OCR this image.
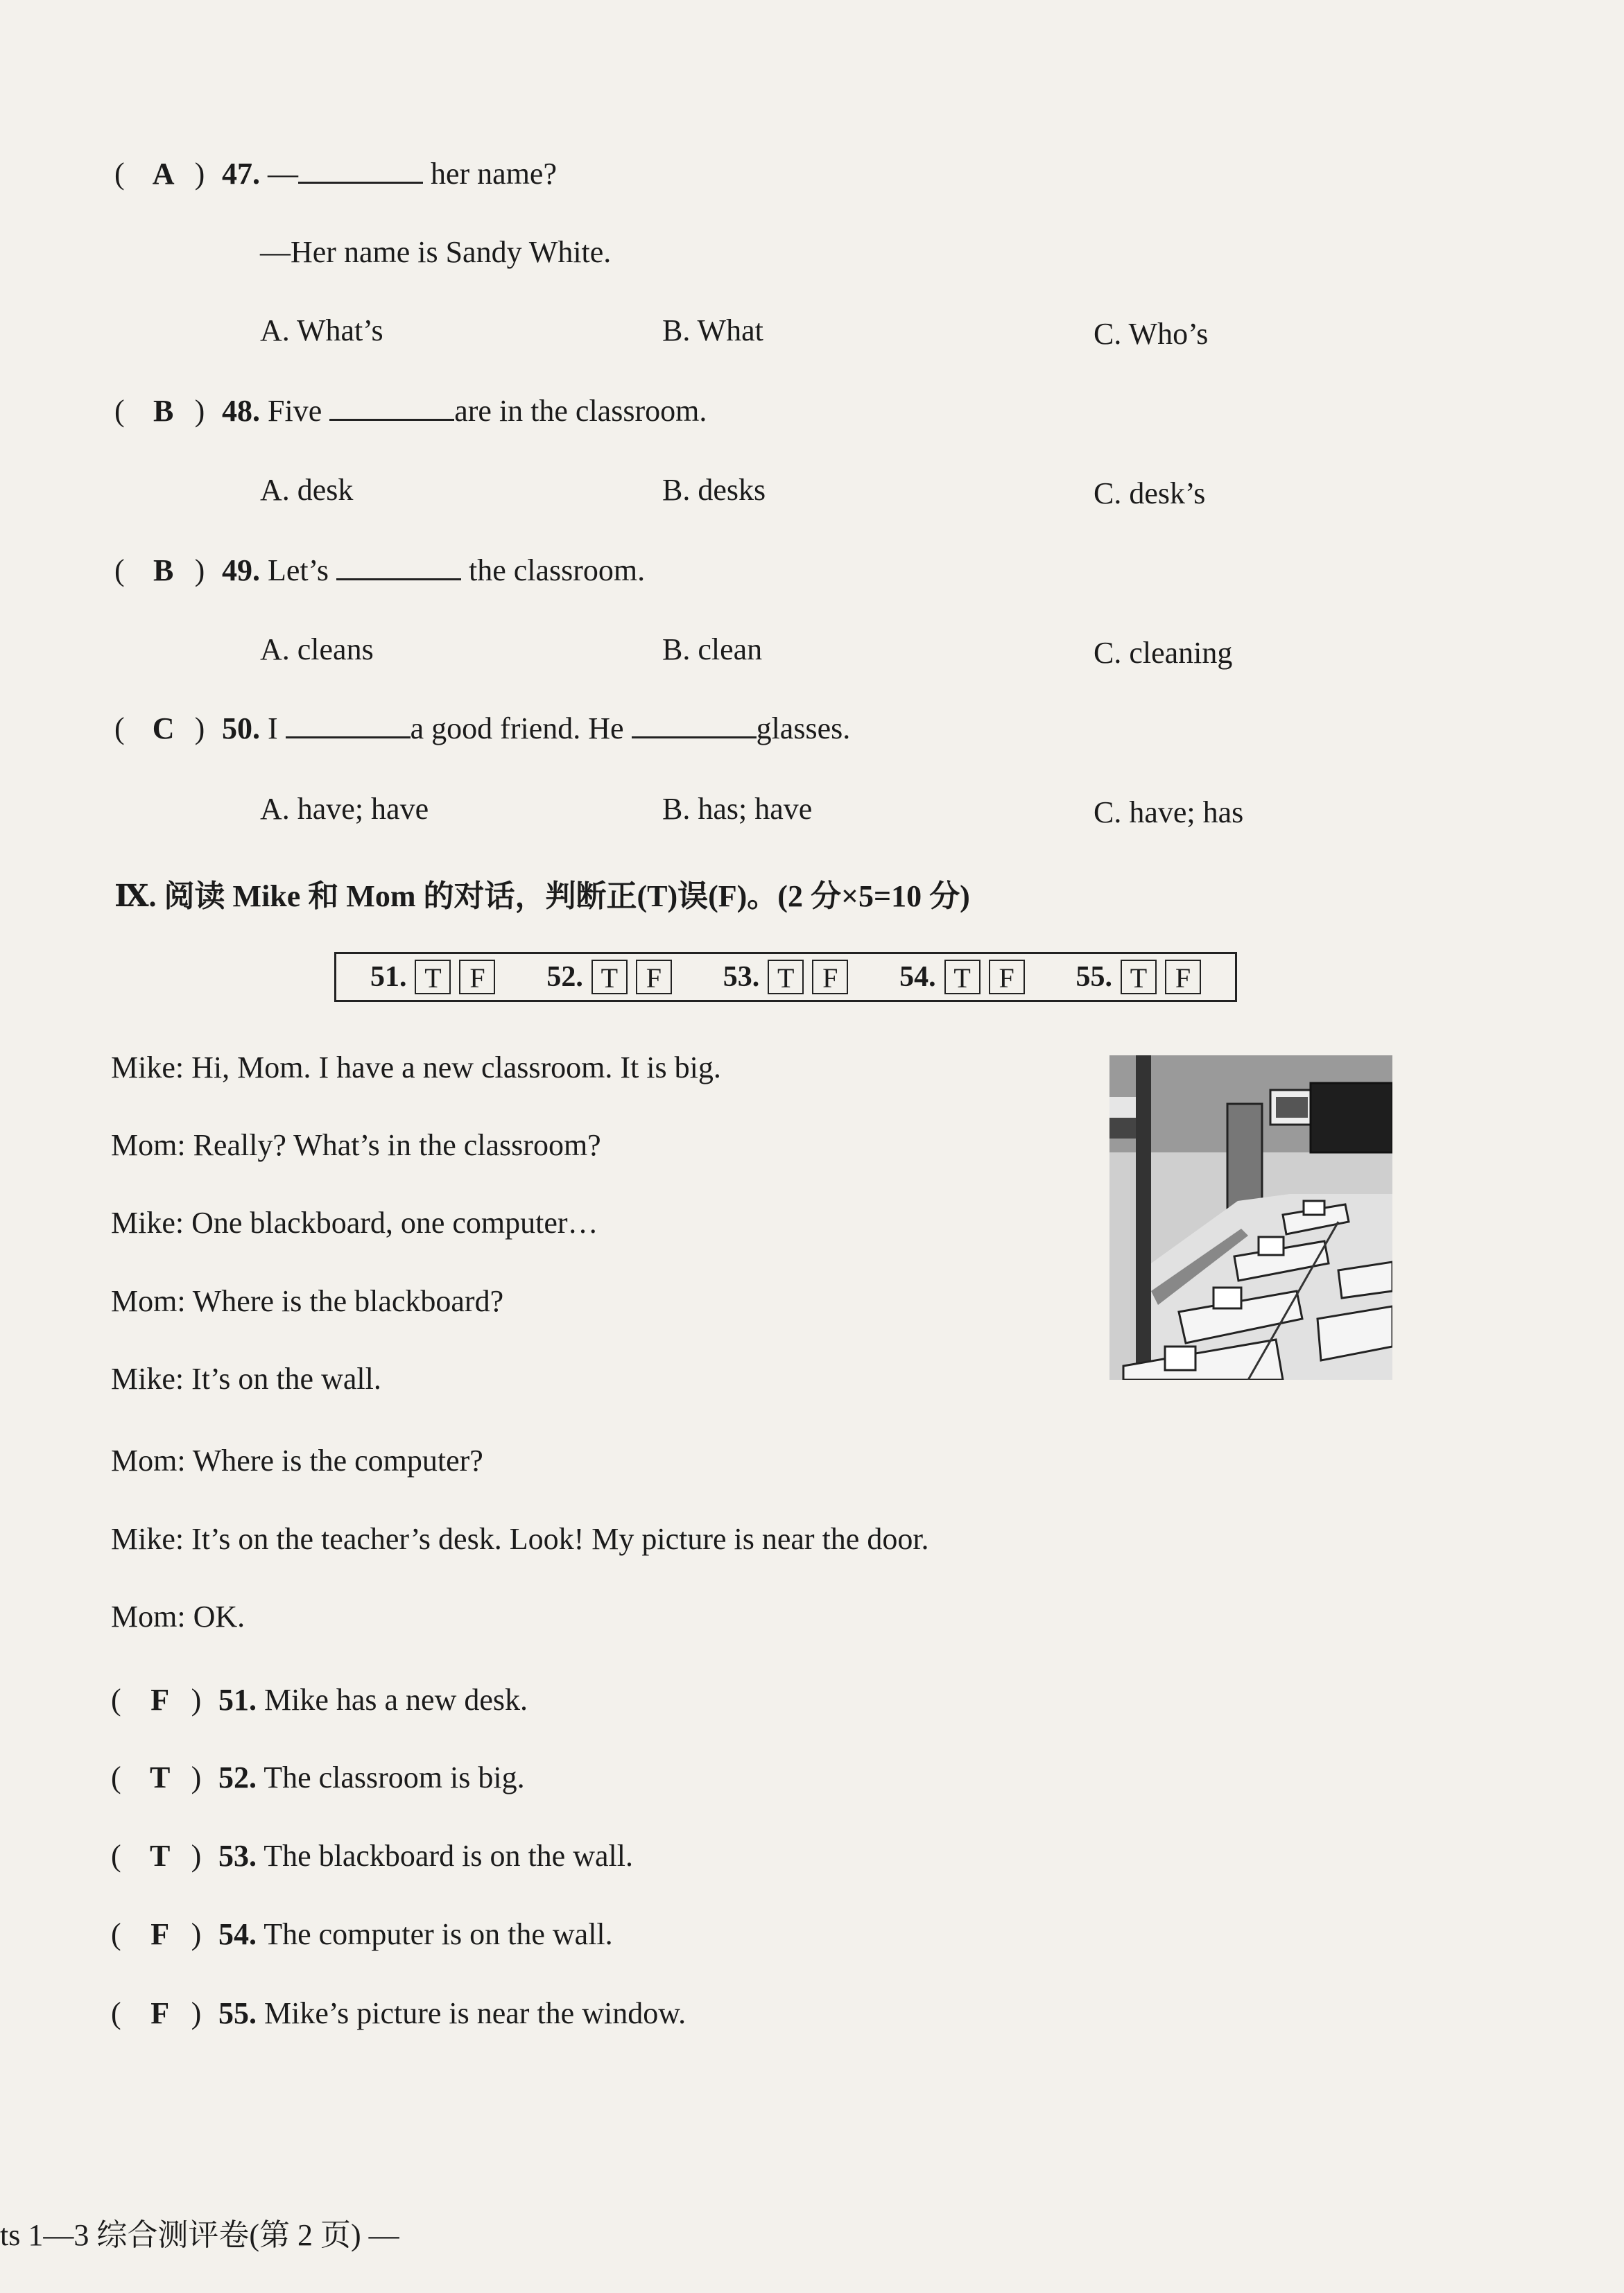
( A ) 47. —	her name?
—Her name is Sandy White.
A. What’s	B. What	C. Who’s
( B ) 48. Five	are in the classroom.
A. desk	B. desks	C. desk’s
( B ) 49. Let’s	the classroom.
A. cleans	B. clean	C. cleaning
( C ) 50. I	a good friend. He	glasses.
A. have; have	B. has; have	C. have; has
Ⅸ. 阅读 Mike 和 Mom 的对话，判断正(T)误(F)。(2 分×5=10 分)
51. T	F	52. T	F	53. T	F	54. T	F	55. T	F
Mike: Hi, Mom. I have a new classroom. It is big.
Mom: Really? What’s in the classroom?
Mike: One blackboard, one computer…
Mom: Where is the blackboard?
Mike: It’s on the wall.
Mom: Where is the computer?
Mike: It’s on the teacher’s desk. Look! My picture is near the door.
Mom: OK.
( F ) 51. Mike has a new desk.
( T ) 52. The classroom is big.
( T ) 53. The blackboard is on the wall.
( F ) 54. The computer is on the wall.
( F ) 55. Mike’s picture is near the window.
ts 1—3 综合测评卷(第 2 页) —
